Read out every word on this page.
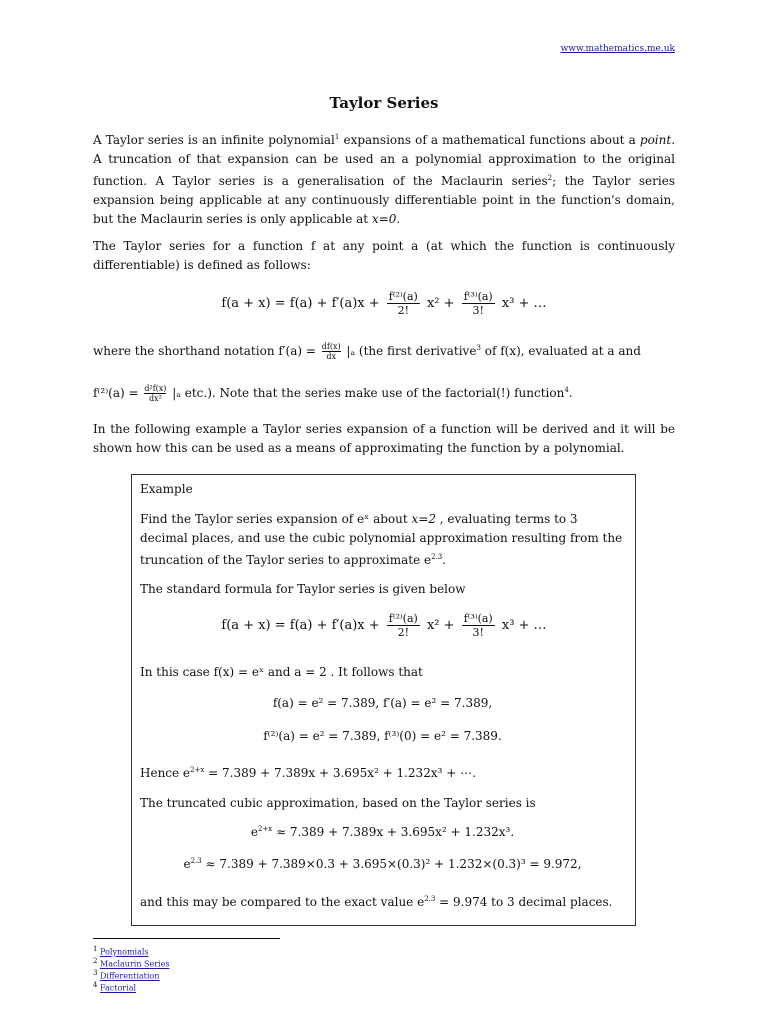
www.mathematics.me.uk
Taylor Series
A Taylor series is an infinite polynomial$^1$ expansions of a mathematical functions about a point. A truncation of that expansion can be used an a polynomial approximation to the original function. A Taylor series is a generalisation of the Maclaurin series$^2$; the Taylor series expansion being applicable at any continuously differentiable point in the function's domain, but the Maclaurin series is only applicable at x=0.
The Taylor series for a function f at any point a (at which the function is continuously differentiable) is defined as follows:
$f(a + x) = f(a) + f'(a)x + \frac{\text{f⁽²⁾(a)}}{2!} x^2 + \frac{\text{f⁽³⁾(a)}}{3!} x^3$ + …
where the shorthand notation $f'(a) = \frac{df(x)}{dx} |_a$ (the first derivative$^3$ of f(x), evaluated at a and
$f^{(2)}(a) = \frac{\text{d²f(x)}}{\text{dx²}} |_a$ etc.). Note that the series make use of the factorial(!) function$^4$.
In the following example a Taylor series expansion of a function will be derived and it will be shown how this can be used as a means of approximating the function by a polynomial.
Example
Find the Taylor series expansion of eˣ about x=2 , evaluating terms to 3 decimal places, and use the cubic polynomial approximation resulting from the truncation of the Taylor series to approximate $e^{2.3}$.
The standard formula for Taylor series is given below
$f(a + x) = f(a) + f'(a)x + \frac{\text{f⁽²⁾(a)}}{2!} x^2 + \frac{\text{f⁽³⁾(a)}}{3!} x^3$ + …
In this case f(x) = eˣ and a = 2 . It follows that
f(a) = e² = 7.389, f′(a) = e² = 7.389,
f⁽²⁾(a) = e² = 7.389, f⁽³⁾(0) = e² = 7.389.
Hence $e^{2+x} = 7.389 + 7.389x + 3.695x^2 + 1.232x^3$ + ⋯.
The truncated cubic approximation, based on the Taylor series is
$e^{2+x} \approx 7.389 + 7.389x + 3.695x^2 + 1.232x^3$.
$e^{2.3} \approx 7.389 + 7.389\times 0.3 + 3.695\times(0.3)^2 + 1.232\times(0.3)^3 = 9.972$,
and this may be compared to the exact value $e^{2.3} = 9.974$ to 3 decimal places.
$^1$ Polynomials
$^2$ Maclaurin Series
$^3$ Differentiation
$^4$ Factorial
